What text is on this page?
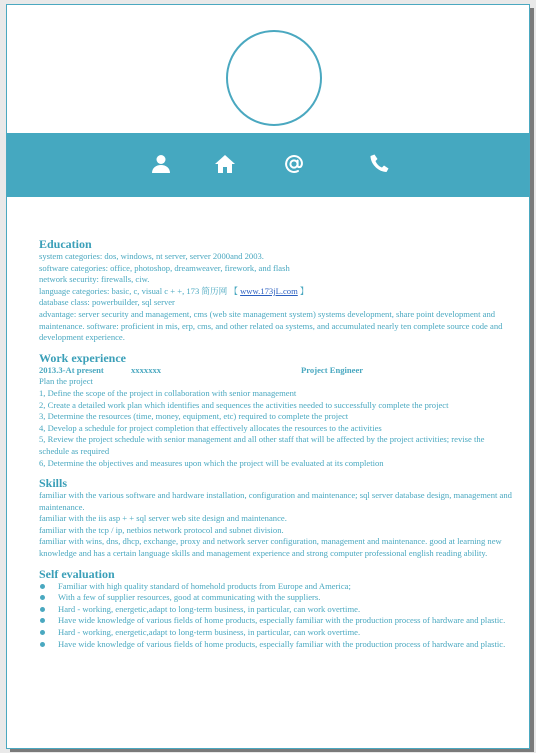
Education

system categories: dos, windows, nt server, server 2000and 2003.

software categories: office, photoshop, dreamweaver, firework, and flash

network security: firewalls, ciw.

language categories: basic, c, visual c + +, 173 简历网 【 www.173jL.com 】

database class: powerbuilder, sql server

advantage: server security and management, cms (web site management system) systems development, share point development and maintenance. software: proficient in mis, erp, cms, and other related oa systems, and accumulated nearly ten complete source code and development experience.

Work experience

2013.3-At present	xxxxxxx	Project Engineer

Plan the project

1, Define the scope of the project in collaboration with senior management

2, Create a detailed work plan which identifies and sequences the activities needed to successfully complete the project

3, Determine the resources (time, money, equipment, etc) required to complete the project

4, Develop a schedule for project completion that effectively allocates the resources to the activities

5, Review the project schedule with senior management and all other staff that will be affected by the project activities; revise the schedule as required

6, Determine the objectives and measures upon which the project will be evaluated at its completion

Skills

familiar with the various software and hardware installation, configuration and maintenance; sql server database design, management and maintenance.

familiar with the iis asp + + sql server web site design and maintenance.

familiar with the tcp / ip, netbios network protocol and subnet division.

familiar with wins, dns, dhcp, exchange, proxy and network server configuration, management and maintenance. good at learning new knowledge and has a certain language skills and management experience and strong computer professional english reading ability.

Self evaluation

Familiar with high quality standard of homehold products from Europe and America;
With a few of supplier resources, good at communicating with the suppliers.
Hard - working, energetic,adapt to long-term business, in particular, can work overtime.
Have wide knowledge of various fields of home products, especially familiar with the production process of hardware and plastic.
Hard - working, energetic,adapt to long-term business, in particular, can work overtime.
Have wide knowledge of various fields of home products, especially familiar with the production process of hardware and plastic.
